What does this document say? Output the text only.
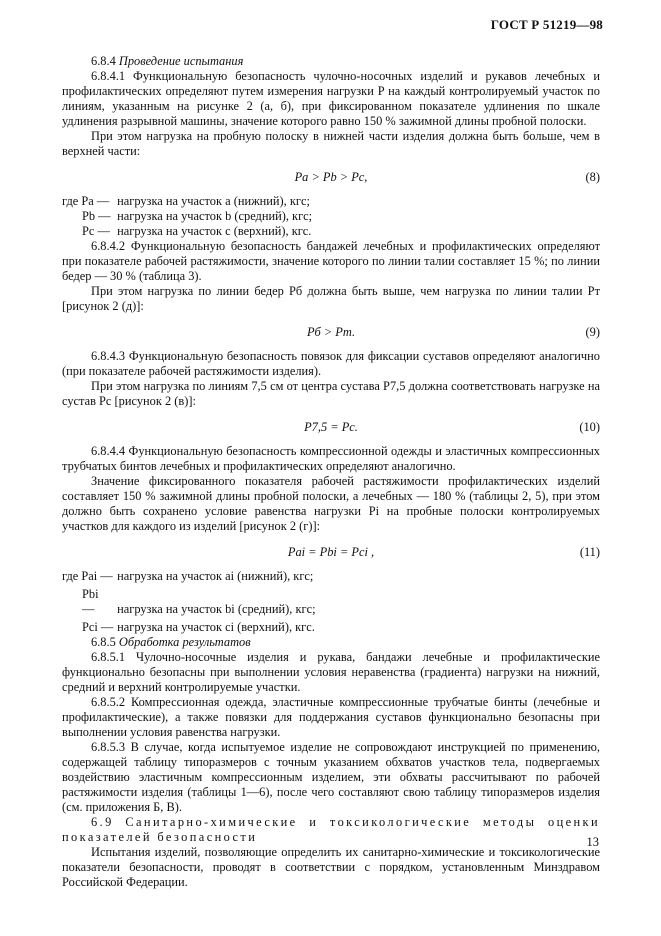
ГОСТ Р 51219—98

6.8.4 Проведение испытания

6.8.4.1 Функциональную безопасность чулочно-носочных изделий и рукавов лечебных и профилактических определяют путем измерения нагрузки P на каждый контролируемый участок по линиям, указанным на рисунке 2 (а, б), при фиксированном показателе удлинения по шкале удлинения разрывной машины, значение которого равно 150 % зажимной длины пробной полоски.

При этом нагрузка на пробную полоску в нижней части изделия должна быть больше, чем в верхней части:

Pa > Pb > Pc,	(8)

где Pa — нагрузка на участок а (нижний), кгс;

Pb — нагрузка на участок b (средний), кгс;

Pc — нагрузка на участок с (верхний), кгс.

6.8.4.2 Функциональную безопасность бандажей лечебных и профилактических определяют при показателе рабочей растяжимости, значение которого по линии талии составляет 15 %; по линии бедер — 30 % (таблица 3).

При этом нагрузка по линии бедер Pб должна быть выше, чем нагрузка по линии талии Pт [рисунок 2 (д)]:

Pб > Pт.	(9)

6.8.4.3 Функциональную безопасность повязок для фиксации суставов определяют аналогично (при показателе рабочей растяжимости изделия).

При этом нагрузка по линиям 7,5 см от центра сустава P7,5 должна соответствовать нагрузке на сустав Pс [рисунок 2 (в)]:

P7,5 = Pс.	(10)

6.8.4.4 Функциональную безопасность компрессионной одежды и эластичных компрессионных трубчатых бинтов лечебных и профилактических определяют аналогично.

Значение фиксированного показателя рабочей растяжимости профилактических изделий составляет 150 % зажимной длины пробной полоски, а лечебных — 180 % (таблицы 2, 5), при этом должно быть сохранено условие равенства нагрузки Pi на пробные полоски контролируемых участков для каждого из изделий [рисунок 2 (г)]:

Pai = Pbi = Pci ,	(11)

где Pai — нагрузка на участок ai (нижний), кгс;

Pbi — нагрузка на участок bi (средний), кгс;

Pci — нагрузка на участок ci (верхний), кгс.

6.8.5 Обработка результатов

6.8.5.1 Чулочно-носочные изделия и рукава, бандажи лечебные и профилактические функционально безопасны при выполнении условия неравенства (градиента) нагрузки на нижний, средний и верхний контролируемые участки.

6.8.5.2 Компрессионная одежда, эластичные компрессионные трубчатые бинты (лечебные и профилактические), а также повязки для поддержания суставов функционально безопасны при выполнении условия равенства нагрузки.

6.8.5.3 В случае, когда испытуемое изделие не сопровождают инструкцией по применению, содержащей таблицу типоразмеров с точным указанием обхватов участков тела, подвергаемых воздействию эластичным компрессионным изделием, эти обхваты рассчитывают по рабочей растяжимости изделия (таблицы 1—6), после чего составляют свою таблицу типоразмеров изделия (см. приложения Б, В).

6.9 Санитарно-химические и токсикологические методы оценки показателей безопасности

Испытания изделий, позволяющие определить их санитарно-химические и токсикологические показатели безопасности, проводят в соответствии с порядком, установленным Минздравом Российской Федерации.

13
